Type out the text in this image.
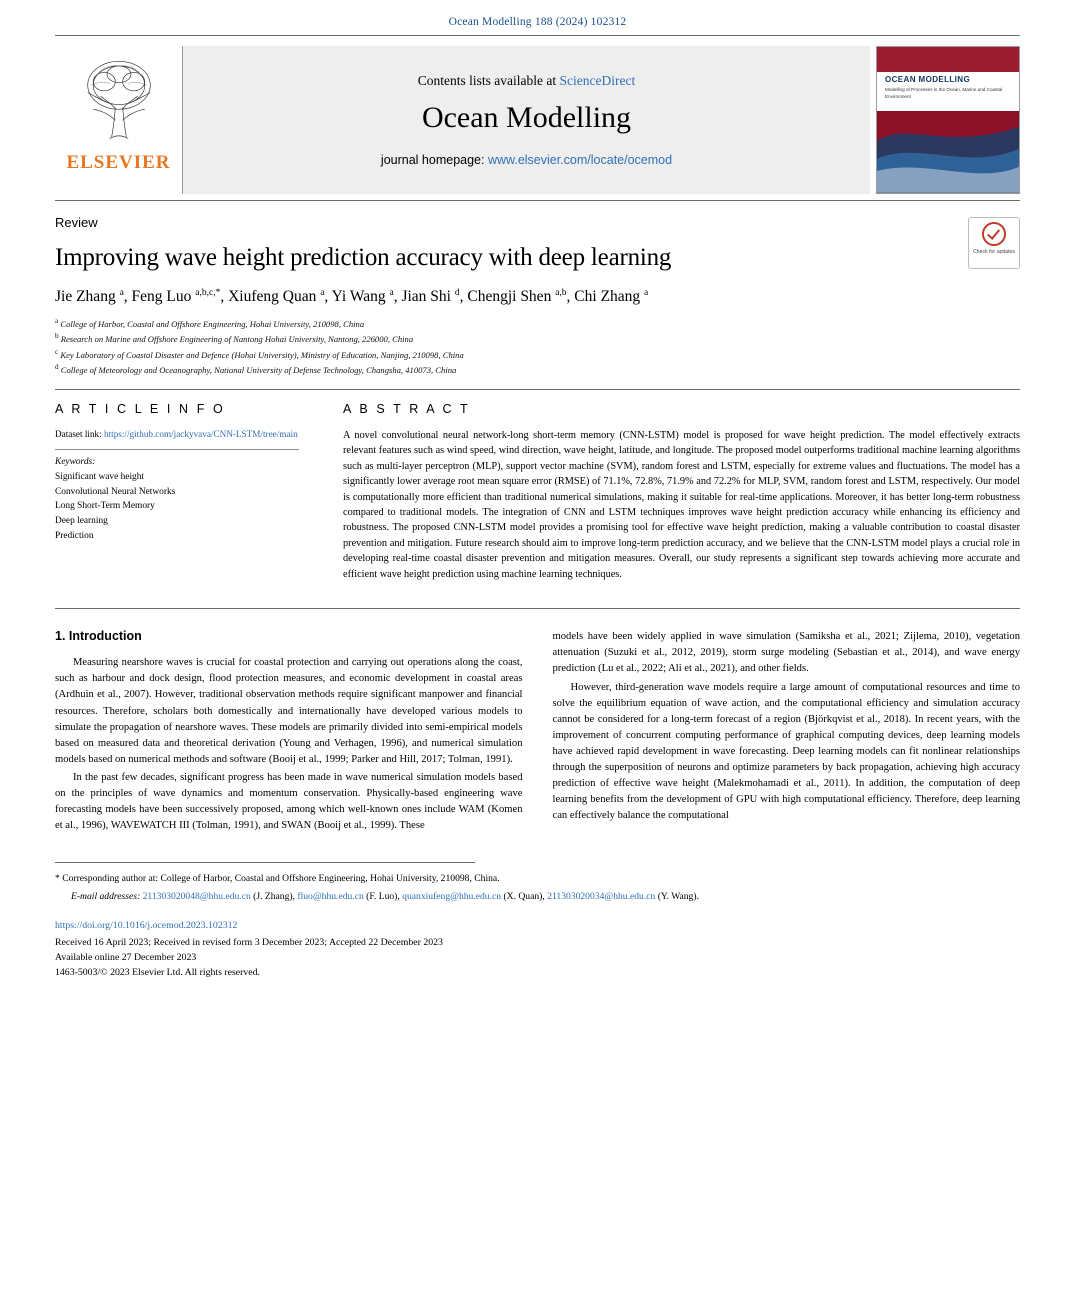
Ocean Modelling 188 (2024) 102312
ELSEVIER
Contents lists available at ScienceDirect
Ocean Modelling
journal homepage: www.elsevier.com/locate/ocemod
OCEAN MODELLING
Modelling of Processes in the Ocean, Marine and Coastal Environment
Review
Improving wave height prediction accuracy with deep learning
Jie Zhang $^a$, Feng Luo $^{a,b,c,*}$, Xiufeng Quan $^a$, Yi Wang $^a$, Jian Shi $^d$, Chengji Shen $^{a,b}$, Chi Zhang $^a$
$^a$ College of Harbor, Coastal and Offshore Engineering, Hohai University, 210098, China
$^b$ Research on Marine and Offshore Engineering of Nantong Hohai University, Nantong, 226000, China
$^c$ Key Laboratory of Coastal Disaster and Defence (Hohai University), Ministry of Education, Nanjing, 210098, China
$^d$ College of Meteorology and Oceanography, National University of Defense Technology, Changsha, 410073, China
Check for updates
A R T I C L E I N F O
Dataset link: https://github.com/jackyvava/CNN-LSTM/tree/main
Keywords:
Significant wave height
Convolutional Neural Networks
Long Short-Term Memory
Deep learning
Prediction
A B S T R A C T
A novel convolutional neural network-long short-term memory (CNN-LSTM) model is proposed for wave height prediction. The model effectively extracts relevant features such as wind speed, wind direction, wave height, latitude, and longitude. The proposed model outperforms traditional machine learning algorithms such as multi-layer perceptron (MLP), support vector machine (SVM), random forest and LSTM, especially for extreme values and fluctuations. The model has a significantly lower average root mean square error (RMSE) of 71.1%, 72.8%, 71.9% and 72.2% for MLP, SVM, random forest and LSTM, respectively. Our model is computationally more efficient than traditional numerical simulations, making it suitable for real-time applications. Moreover, it has better long-term robustness compared to traditional models. The integration of CNN and LSTM techniques improves wave height prediction accuracy while enhancing its efficiency and robustness. The proposed CNN-LSTM model provides a promising tool for effective wave height prediction, making a valuable contribution to coastal disaster prevention and mitigation. Future research should aim to improve long-term prediction accuracy, and we believe that the CNN-LSTM model plays a crucial role in developing real-time coastal disaster prevention and mitigation measures. Overall, our study represents a significant step towards achieving more accurate and efficient wave height prediction using machine learning techniques.
1. Introduction

Measuring nearshore waves is crucial for coastal protection and carrying out operations along the coast, such as harbour and dock design, flood protection measures, and economic development in coastal areas (Ardhuin et al., 2007). However, traditional observation methods require significant manpower and financial resources. Therefore, scholars both domestically and internationally have developed various models to simulate the propagation of nearshore waves. These models are primarily divided into semi-empirical models based on measured data and theoretical derivation (Young and Verhagen, 1996), and numerical simulation models based on numerical methods and software (Booij et al., 1999; Parker and Hill, 2017; Tolman, 1991).

In the past few decades, significant progress has been made in wave numerical simulation models based on the principles of wave dynamics and momentum conservation. Physically-based engineering wave forecasting models have been successively proposed, among which well-known ones include WAM (Komen et al., 1996), WAVEWATCH III (Tolman, 1991), and SWAN (Booij et al., 1999). These

models have been widely applied in wave simulation (Samiksha et al., 2021; Zijlema, 2010), vegetation attenuation (Suzuki et al., 2012, 2019), storm surge modeling (Sebastian et al., 2014), and wave energy prediction (Lu et al., 2022; Ali et al., 2021), and other fields.

However, third-generation wave models require a large amount of computational resources and time to solve the equilibrium equation of wave action, and the computational efficiency and simulation accuracy cannot be considered for a long-term forecast of a region (Björkqvist et al., 2018). In recent years, with the improvement of concurrent computing performance of graphical computing devices, deep learning models have achieved rapid development in wave forecasting. Deep learning models can fit nonlinear relationships through the superposition of neurons and optimize parameters by back propagation, achieving high accuracy prediction of effective wave height (Malekmohamadi et al., 2011). In addition, the computation of deep learning benefits from the development of GPU with high computational efficiency. Therefore, deep learning can effectively balance the computational

* Corresponding author at: College of Harbor, Coastal and Offshore Engineering, Hohai University, 210098, China.
E-mail addresses: 211303020048@hhu.edu.cn (J. Zhang), fluo@hhu.edu.cn (F. Luo), quanxiufeng@hhu.edu.cn (X. Quan), 211303020034@hhu.edu.cn (Y. Wang).
https://doi.org/10.1016/j.ocemod.2023.102312
Received 16 April 2023; Received in revised form 3 December 2023; Accepted 22 December 2023
Available online 27 December 2023
1463-5003/© 2023 Elsevier Ltd. All rights reserved.
